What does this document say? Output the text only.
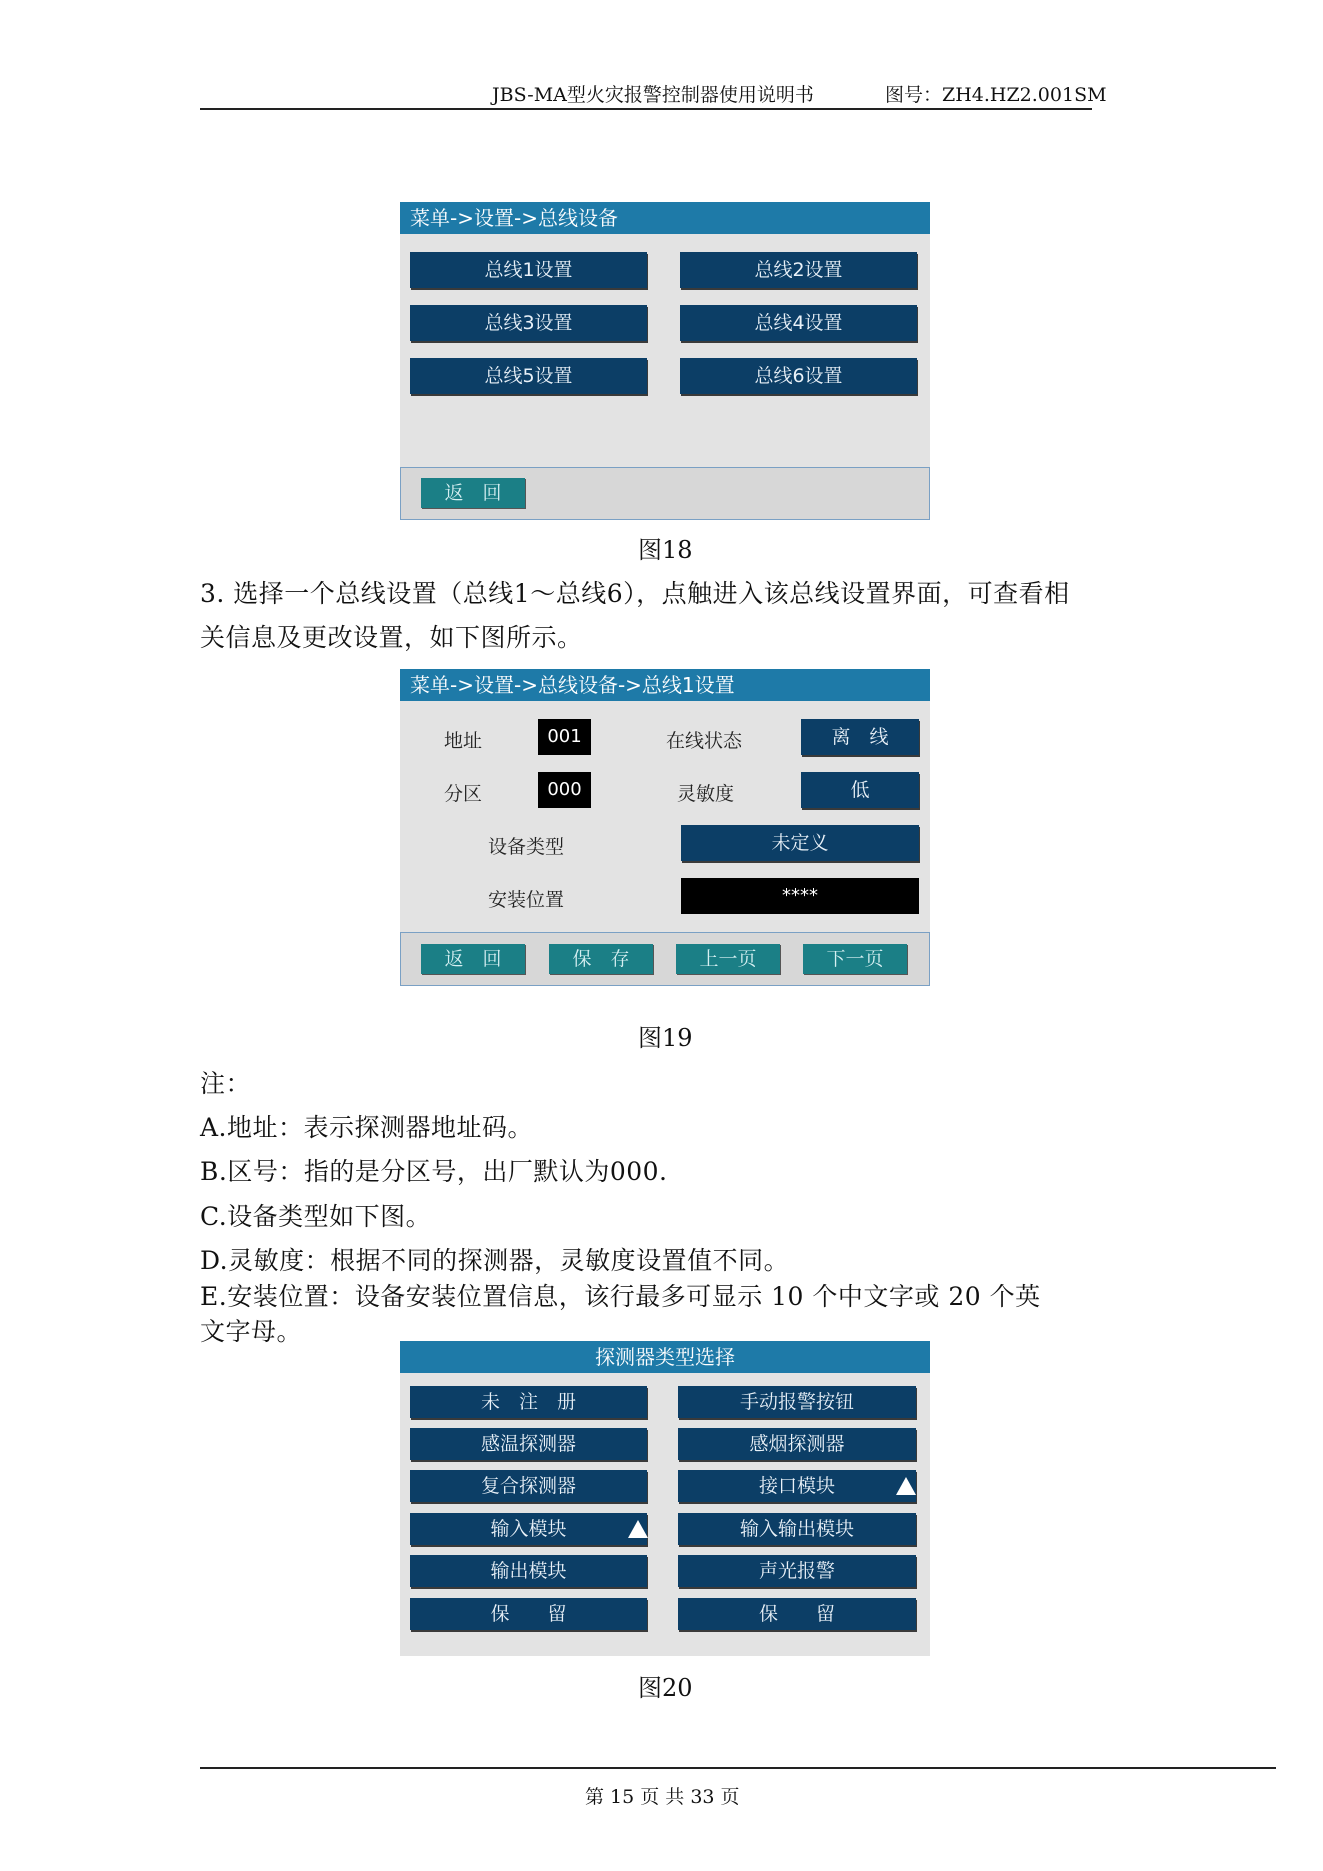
JBS-MA型火灾报警控制器使用说明书	图号：ZH4.HZ2.001SM
菜单->设置->总线设备
总线1设置	总线2设置
总线3设置	总线4设置
总线5设置	总线6设置
返　回
图18
3. 选择一个总线设置（总线1～总线6），点触进入该总线设置界面，可查看相
关信息及更改设置，如下图所示。
菜单->设置->总线设备->总线1设置
地址	001	在线状态	离　线
分区	000	灵敏度	低
设备类型	未定义
安装位置	****
返　回	保　存	上一页	下一页
图19
注：
A.地址：表示探测器地址码。
B.区号：指的是分区号，出厂默认为000.
C.设备类型如下图。
D.灵敏度：根据不同的探测器，灵敏度设置值不同。
E.安装位置：设备安装位置信息，该行最多可显示 10 个中文字或 20 个英
文字母。
探测器类型选择
未　注　册	手动报警按钮
感温探测器	感烟探测器
复合探测器	接口模块
输入模块	输入输出模块
输出模块	声光报警
保　　留	保　　留
图20
第 15 页 共 33 页
